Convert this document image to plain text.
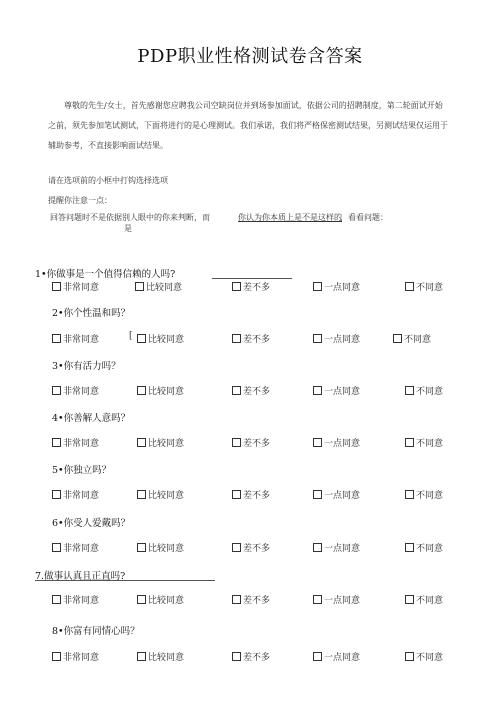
PDP职业性格测试卷含答案
尊敬的先生/女士，首先感谢您应聘我公司空缺岗位并到场参加面试，依据公司的招聘制度，第二轮面试开始之前，须先参加笔试测试，下面将进行的是心理测试。我们承诺，我们将严格保密测试结果，另测试结果仅运用于辅助参考，不直接影响面试结果。
请在选项前的小框中打钩选择选项
提醒你注意一点：
回答问题时不是依据别人眼中的你来判断，而
是
你认为你本质上是不是这样的
，看看问题：
1•你做事是一个值得信赖的人吗?
非常同意	比较同意	差不多	一点同意	不同意
2•你个性温和吗？
非常同意	[	比较同意	差不多	一点同意	不同意
3•你有活力吗？
非常同意	比较同意	差不多	一点同意	不同意
4•你善解人意吗？
非常同意	比较同意	差不多	一点同意	不同意
5•你独立吗？
非常同意	比较同意	差不多	一点同意	不同意
6•你受人爱戴吗？
非常同意	比较同意	差不多	一点同意	不同意
7.做事认真且正直吗?
非常同意	比较同意	差不多	一点同意	不同意
8•你富有同情心吗？
非常同意	比较同意	差不多	一点同意	不同意
